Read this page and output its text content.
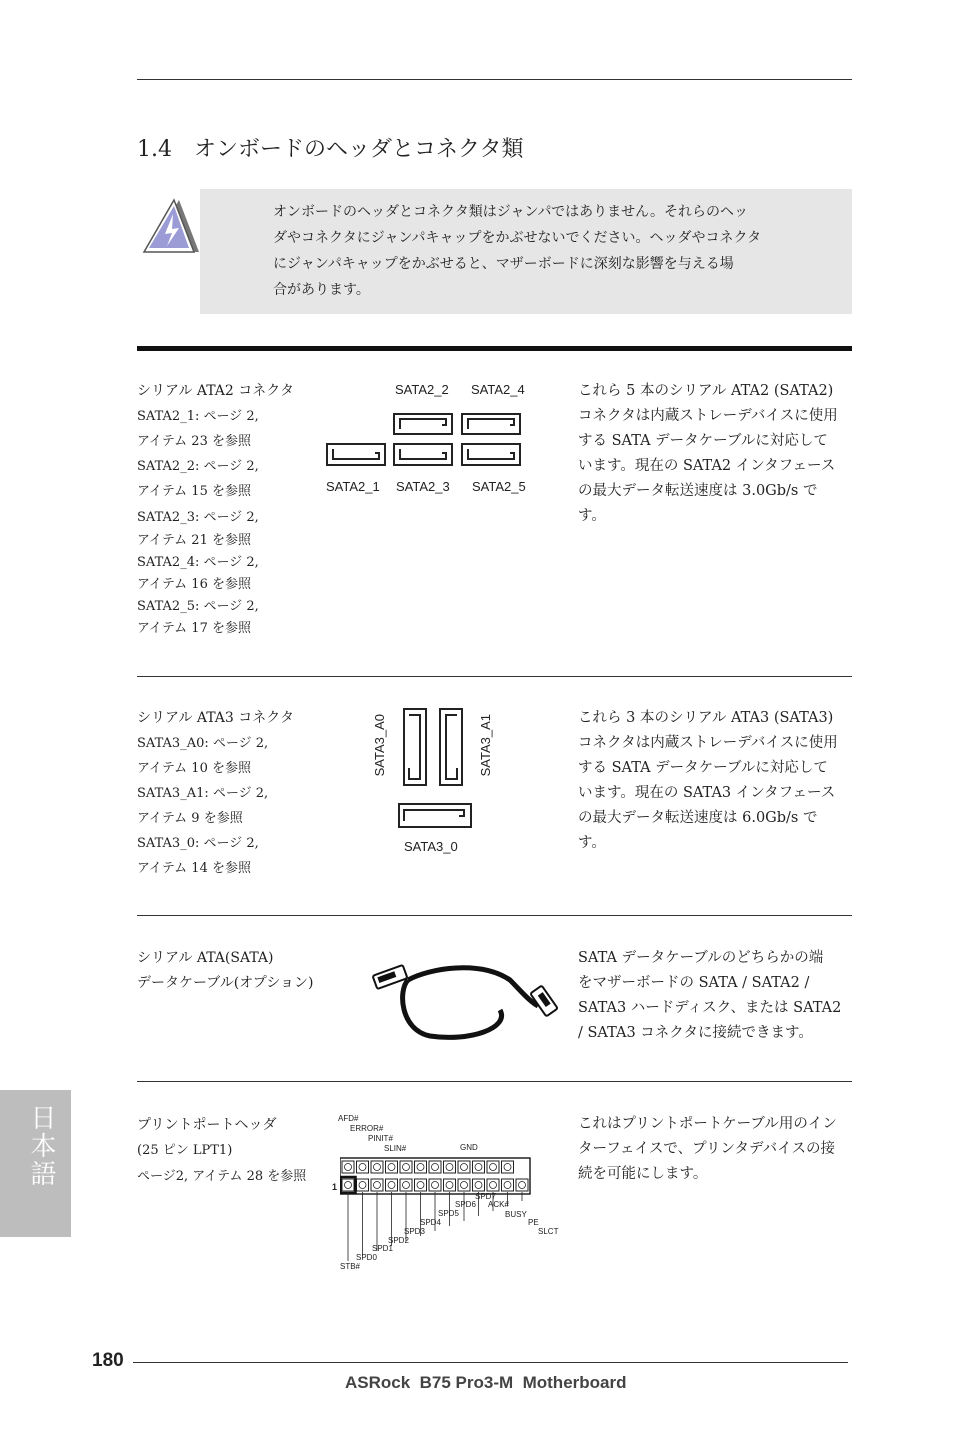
1.4　オンボードのヘッダとコネクタ類
オンボードのヘッダとコネクタ類はジャンパではありません。それらのヘッ
ダやコネクタにジャンパキャップをかぶせないでください。ヘッダやコネクタ
にジャンパキャップをかぶせると、マザーボードに深刻な影響を与える場
合があります。
シリアル ATA2 コネクタ
SATA2_1: ページ 2,
アイテム 23 を参照
SATA2_2: ページ 2,
アイテム 15 を参照
SATA2_3: ページ 2,
アイテム 21 を参照
SATA2_4: ページ 2,
アイテム 16 を参照
SATA2_5: ページ 2,
アイテム 17 を参照
SATA2_2 SATA2_4
SATA2_1 SATA2_3 SATA2_5
これら 5 本のシリアル ATA2 (SATA2)
コネクタは内蔵ストレーデバイスに使用
する SATA データケーブルに対応して
います。現在の SATA2 インタフェース
の最大データ転送速度は 3.0Gb/s で
す。
シリアル ATA3 コネクタ
SATA3_A0: ページ 2,
アイテム 10 を参照
SATA3_A1: ページ 2,
アイテム 9 を参照
SATA3_0: ページ 2,
アイテム 14 を参照
SATA3_A0	SATA3_A1
SATA3_0
これら 3 本のシリアル ATA3 (SATA3)
コネクタは内蔵ストレーデバイスに使用
する SATA データケーブルに対応して
います。現在の SATA3 インタフェース
の最大データ転送速度は 6.0Gb/s で
す。
シリアル ATA(SATA)
データケーブル(オプション)
SATA データケーブルのどちらかの端
をマザーボードの SATA / SATA2 /
SATA3 ハードディスク、または SATA2
/ SATA3 コネクタに接続できます。
プリントポートヘッダ
(25 ピン LPT1)
ページ2, アイテム 28 を参照
AFD#
ERROR#
PINIT#
SLIN#	GND
1
SPD7
SPD6 ACK#
SPD5	BUSY
SPD4	PE
SPD3	SLCT
SPD2
SPD1
SPD0
STB#
これはプリントポートケーブル用のイン
ターフェイスで、プリンタデバイスの接
続を可能にします。
日本語
180
ASRock  B75 Pro3-M  Motherboard
